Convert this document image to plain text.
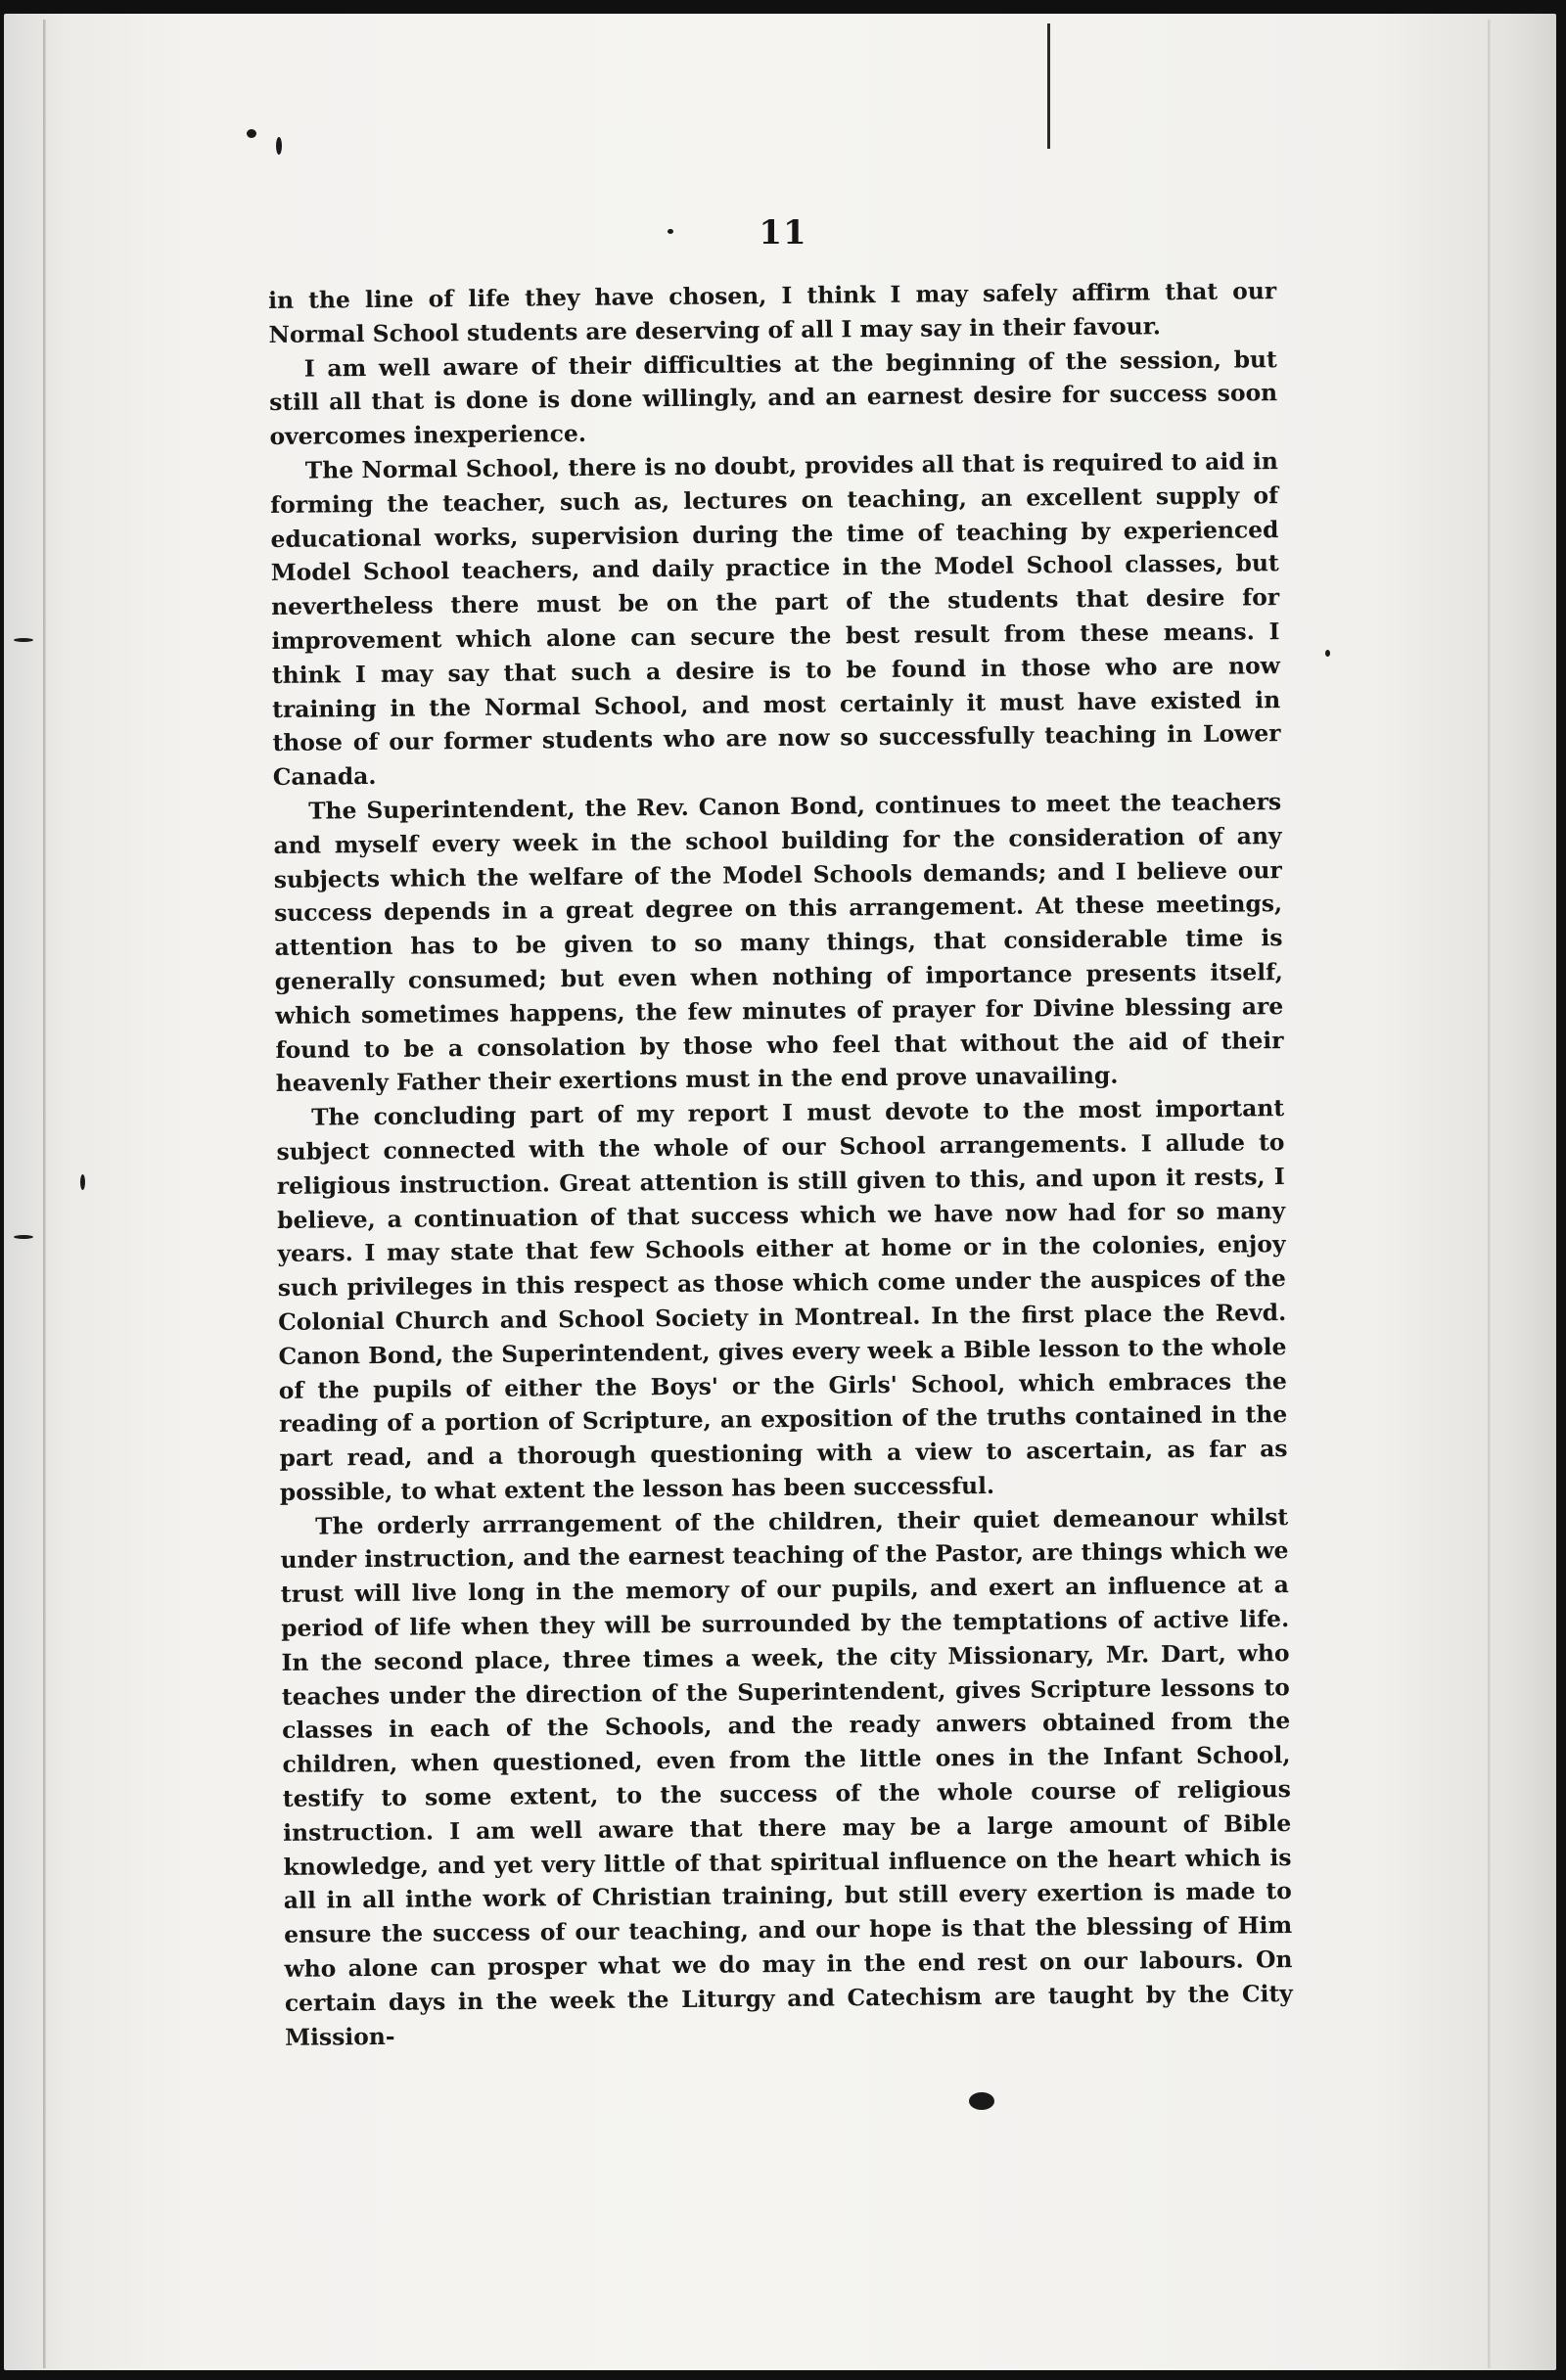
11

in the line of life they have chosen, I think I may safely affirm that our Normal School students are deserving of all I may say in their favour.

I am well aware of their difficulties at the beginning of the session, but still all that is done is done willingly, and an earnest desire for success soon overcomes inexperience.

The Normal School, there is no doubt, provides all that is required to aid in forming the teacher, such as, lectures on teaching, an excellent supply of educational works, supervision during the time of teaching by experienced Model School teachers, and daily practice in the Model School classes, but nevertheless there must be on the part of the students that desire for improvement which alone can secure the best result from these means. I think I may say that such a desire is to be found in those who are now training in the Normal School, and most certainly it must have existed in those of our former students who are now so successfully teaching in Lower Canada.

The Superintendent, the Rev. Canon Bond, continues to meet the teachers and myself every week in the school building for the consideration of any subjects which the welfare of the Model Schools demands; and I believe our success depends in a great degree on this arrangement. At these meetings, attention has to be given to so many things, that considerable time is generally consumed; but even when nothing of importance presents itself, which sometimes happens, the few minutes of prayer for Divine blessing are found to be a consolation by those who feel that without the aid of their heavenly Father their exertions must in the end prove unavailing.

The concluding part of my report I must devote to the most important subject connected with the whole of our School arrangements. I allude to religious instruction. Great attention is still given to this, and upon it rests, I believe, a continuation of that success which we have now had for so many years. I may state that few Schools either at home or in the colonies, enjoy such privileges in this respect as those which come under the auspices of the Colonial Church and School Society in Montreal. In the first place the Revd. Canon Bond, the Superintendent, gives every week a Bible lesson to the whole of the pupils of either the Boys' or the Girls' School, which embraces the reading of a portion of Scripture, an exposition of the truths contained in the part read, and a thorough questioning with a view to ascertain, as far as possible, to what extent the lesson has been successful.

The orderly arrrangement of the children, their quiet demeanour whilst under instruction, and the earnest teaching of the Pastor, are things which we trust will live long in the memory of our pupils, and exert an influence at a period of life when they will be surrounded by the temptations of active life. In the second place, three times a week, the city Missionary, Mr. Dart, who teaches under the direction of the Superintendent, gives Scripture lessons to classes in each of the Schools, and the ready anwers obtained from the children, when questioned, even from the little ones in the Infant School, testify to some extent, to the success of the whole course of religious instruction. I am well aware that there may be a large amount of Bible knowledge, and yet very little of that spiritual influence on the heart which is all in all inthe work of Christian training, but still every exertion is made to ensure the success of our teaching, and our hope is that the blessing of Him who alone can prosper what we do may in the end rest on our labours. On certain days in the week the Liturgy and Catechism are taught by the City Mission-
